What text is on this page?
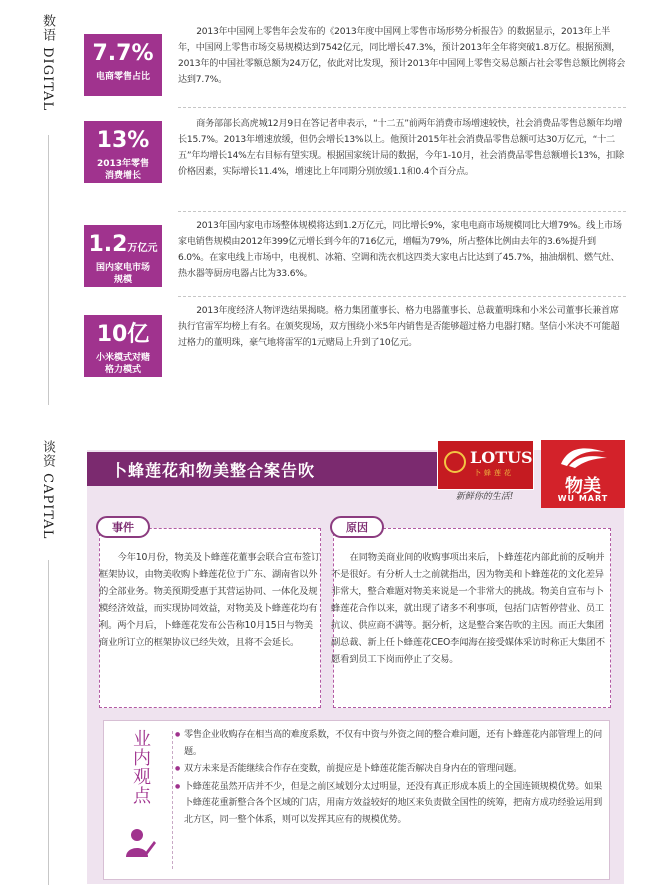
数语 DIGITAL
谈资 CAPITAL
7.7%
电商零售占比
13%
2013年零售
消费增长
1.2万亿元
国内家电市场
规模
10亿
小米模式对赌
格力模式
2013年中国网上零售年会发布的《2013年度中国网上零售市场形势分析报告》的数据显示，2013年上半年，中国网上零售市场交易规模达到7542亿元，同比增长47.3%，预计2013年全年将突破1.8万亿。根据预测，2013年的中国社零额总额为24万亿，依此对比发现，预计2013年中国网上零售交易总额占社会零售总额比例将会达到7.7%。
商务部部长高虎城12月9日在答记者申表示，“十二五”前两年消费市场增速较快，社会消费品零售总额年均增长15.7%。2013年增速放缓，但仍会增长13%以上。他预计2015年社会消费品零售总额可达30万亿元，“十二五”年均增长14%左右目标有望实现。根据国家统计局的数据，今年1-10月，社会消费品零售总额增长13%，扣除价格因素，实际增长11.4%，增速比上年同期分别放缓1.1和0.4个百分点。
2013年国内家电市场整体规模将达到1.2万亿元，同比增长9%，家电电商市场规模同比大增79%。线上市场家电销售规模由2012年399亿元增长到今年的716亿元，增幅为79%，所占整体比例由去年的3.6%提升到6.0%。在家电线上市场中，电视机、冰箱、空调和洗衣机这四类大家电占比达到了45.7%，抽油烟机、燃气灶、热水器等厨房电器占比为33.6%。
2013年度经济人物评选结果揭晓。格力集团董事长、格力电器董事长、总裁董明珠和小米公司董事长兼首席执行官雷军均榜上有名。在颁奖现场，双方围绕小米5年内销售是否能够超过格力电器打赌。坚信小米决不可能超过格力的董明珠，豪气地将雷军的1元赌局上升到了10亿元。
卜蜂莲花和物美整合案告吹
LOTUS
卜蜂莲花
新鲜你的生活!	物美
WU MART
事件
今年10月份，物美及卜蜂莲花董事会联合宣布签订框架协议，由物美收购卜蜂莲花位于广东、湖南省以外的全部业务。物美预期受惠于其营运协同、一体化及规模经济效益，而实现协同效益，对物美及卜蜂莲花均有利。两个月后，卜蜂莲花发布公告称10月15日与物美商业所订立的框架协议已经失效，且将不会延长。
原因
在同物美商业间的收购事项出来后，卜蜂莲花内部此前的反响并不是很好。有分析人士之前就指出，因为物美和卜蜂莲花的文化差异非常大，整合难题对物美来说是一个非常大的挑战。物美自宣布与卜蜂莲花合作以来，就出现了诸多不利事项，包括门店暂停营业、员工抗议、供应商不满等。据分析，这是整合案告吹的主因。而正大集团副总裁、新上任卜蜂莲花CEO李闻海在接受媒体采访时称正大集团不愿看到员工下岗而停止了交易。
业内观点
●	零售企业收购存在相当高的难度系数，不仅有中资与外资之间的整合难问题，还有卜蜂莲花内部管理上的问题。
● 双方未来是否能继续合作存在变数，前提应是卜蜂莲花能否解决自身内在的管理问题。
● 卜蜂莲花虽然开店并不少，但是之前区域划分太过明显，还没有真正形成本质上的全国连锁规模优势。如果卜蜂莲花重新整合各个区域的门店，用南方效益较好的地区来负责做全国性的统筹，把南方成功经验运用到北方区，同一整个体系，则可以发挥其应有的规模优势。
